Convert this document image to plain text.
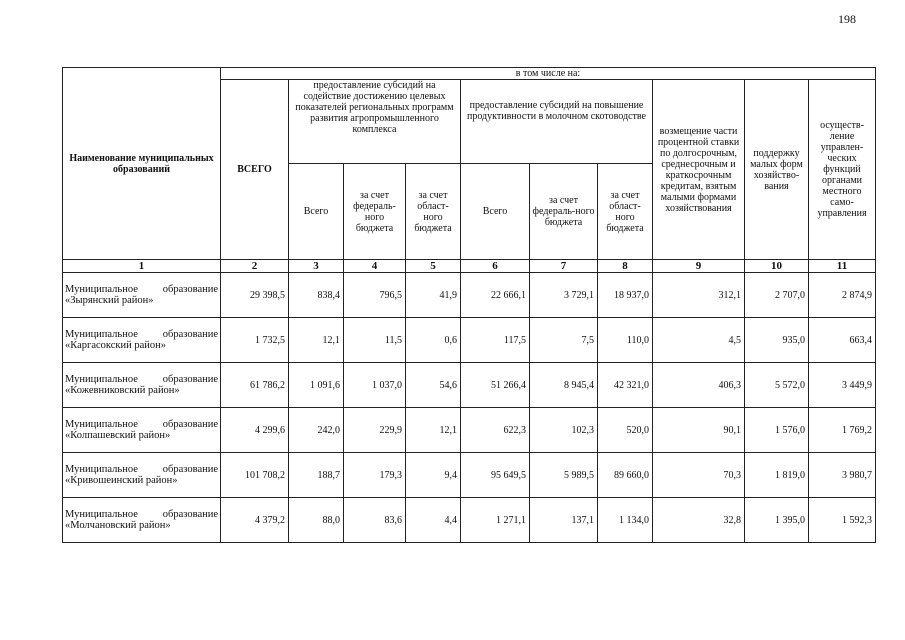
198
Наименование муниципальных образований	в том числе на:									
	ВСЕГО	предоставление субсидий на содействие достижению целевых показателей региональных программ развития агропромышленного комплекса			предоставление субсидий на повышение продуктивности в молочном скотоводстве			возмещение части процентной ставки по долгосрочным, среднесрочным и краткосрочным кредитам, взятым малыми формами хозяйствования	поддержку малых форм хозяйство-вания	осуществ-ление управлен-ческих функций органами местного само-управления
		Всего	за счет федераль-ного бюджета	за счет област-ного бюджета	Всего	за счет федераль-ного бюджета	за счет област-ного бюджета			
1	2	3	4	5	6	7	8	9	10	11
Муниципальное образование «Зырянский район»	29 398,5	838,4	796,5	41,9	22 666,1	3 729,1	18 937,0	312,1	2 707,0	2 874,9
Муниципальное образование «Каргасокский район»	1 732,5	12,1	11,5	0,6	117,5	7,5	110,0	4,5	935,0	663,4
Муниципальное образование «Кожевниковский район»	61 786,2	1 091,6	1 037,0	54,6	51 266,4	8 945,4	42 321,0	406,3	5 572,0	3 449,9
Муниципальное образование «Колпашевский район»	4 299,6	242,0	229,9	12,1	622,3	102,3	520,0	90,1	1 576,0	1 769,2
Муниципальное образование «Кривошеинский район»	101 708,2	188,7	179,3	9,4	95 649,5	5 989,5	89 660,0	70,3	1 819,0	3 980,7
Муниципальное образование «Молчановский район»	4 379,2	88,0	83,6	4,4	1 271,1	137,1	1 134,0	32,8	1 395,0	1 592,3
